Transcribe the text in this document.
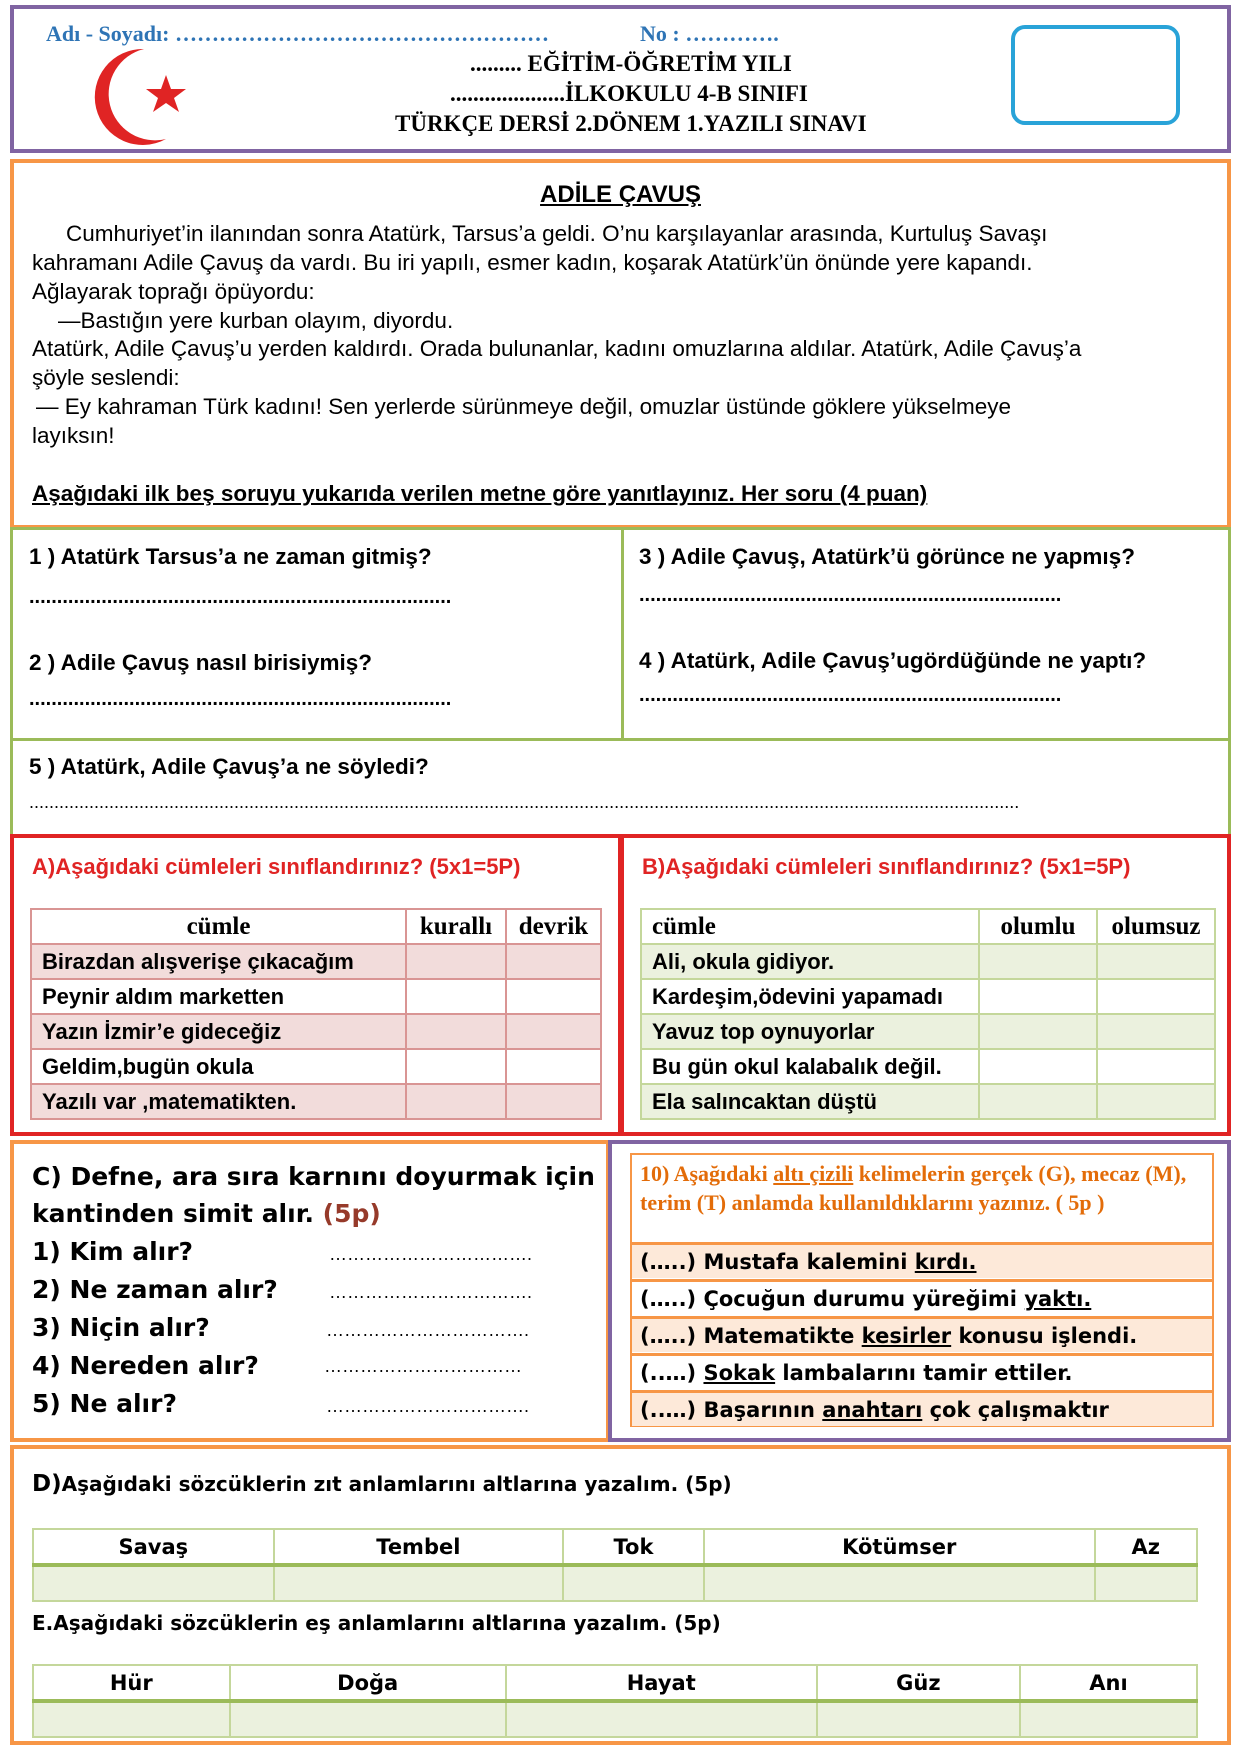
Adı - Soyadı: ……………………………………………	No : ………….
......... EĞİTİM-ÖĞRETİM YILI
....................İLKOKULU 4-B SINIFI
TÜRKÇE DERSİ 2.DÖNEM 1.YAZILI SINAVI
ADİLE ÇAVUŞ
Cumhuriyet’in ilanından sonra Atatürk, Tarsus’a geldi. O’nu karşılayanlar arasında, Kurtuluş Savaşı
kahramanı Adile Çavuş da vardı. Bu iri yapılı, esmer kadın, koşarak Atatürk’ün önünde yere kapandı.
Ağlayarak toprağı öpüyordu:
—Bastığın yere kurban olayım, diyordu.
Atatürk, Adile Çavuş’u yerden kaldırdı. Orada bulunanlar, kadını omuzlarına aldılar. Atatürk, Adile Çavuş’a
şöyle seslendi:
— Ey kahraman Türk kadını! Sen yerlerde sürünmeye değil, omuzlar üstünde göklere yükselmeye
layıksın!
Aşağıdaki ilk beş soruyu yukarıda verilen metne göre yanıtlayınız. Her soru (4 puan)
1 ) Atatürk Tarsus’a ne zaman gitmiş?
............................................................................
2 ) Adile Çavuş nasıl birisiymiş?
............................................................................
3 ) Adile Çavuş, Atatürk’ü görünce ne yapmış?
............................................................................
4 ) Atatürk, Adile Çavuş’ugördüğünde ne yaptı?
............................................................................
5 ) Atatürk, Adile Çavuş’a ne söyledi?
......................................................................................................................................................................................................
A)Aşağıdaki cümleleri sınıflandırınız? (5x1=5P)
cümle	kurallı	devrik
Birazdan alışverişe çıkacağım		
Peynir aldım marketten		
Yazın İzmir’e gideceğiz		
Geldim,bugün okula		
Yazılı var ,matematikten.		
B)Aşağıdaki cümleleri sınıflandırınız? (5x1=5P)
cümle	olumlu	olumsuz
Ali, okula gidiyor.		
Kardeşim,ödevini yapamadı		
Yavuz top oynuyorlar		
Bu gün okul kalabalık değil.		
Ela salıncaktan düştü		
C) Defne, ara sıra karnını doyurmak için
kantinden simit alır. (5p)
1) Kim alır?	…………………………….
2) Ne zaman alır?	…………………………….
3) Niçin alır?	…………………………….
4) Nereden alır?	……………………………
5) Ne alır?	…………………………….
10) Aşağıdaki altı çizili kelimelerin gerçek (G), mecaz (M), terim (T) anlamda kullanıldıklarını yazınız. ( 5p )
(…..) Mustafa kalemini kırdı.
(…..) Çocuğun durumu yüreğimi yaktı.
(…..) Matematikte kesirler konusu işlendi.
(..…) Sokak lambalarını tamir ettiler.
(..…) Başarının anahtarı çok çalışmaktır
D)Aşağıdaki sözcüklerin zıt anlamlarını altlarına yazalım. (5p)
Savaş	Tembel	Tok	Kötümser	Az

E.Aşağıdaki sözcüklerin eş anlamlarını altlarına yazalım. (5p)
Hür	Doğa	Hayat	Güz	Anı
